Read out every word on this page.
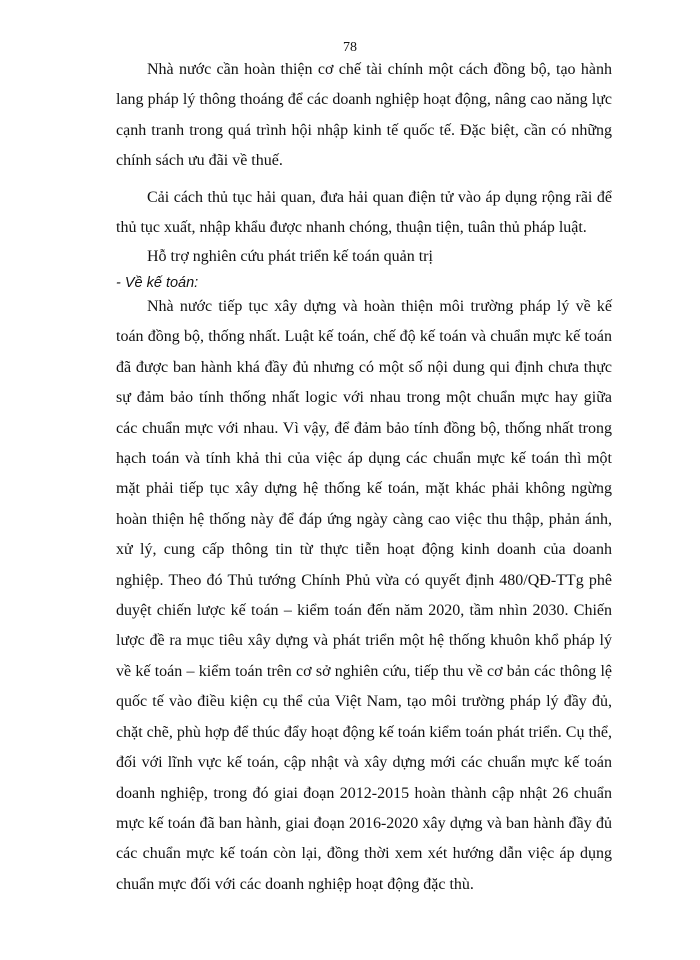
78

Nhà nước cần hoàn thiện cơ chế tài chính một cách đồng bộ, tạo hành lang pháp lý thông thoáng để các doanh nghiệp hoạt động, nâng cao năng lực cạnh tranh trong quá trình hội nhập kinh tế quốc tế. Đặc biệt, cần có những chính sách ưu đãi về thuế.

Cải cách thủ tục hải quan, đưa hải quan điện tử vào áp dụng rộng rãi để thủ tục xuất, nhập khẩu được nhanh chóng, thuận tiện, tuân thủ pháp luật.

Hỗ trợ nghiên cứu phát triển kế toán quản trị

- Về kế toán:

Nhà nước tiếp tục xây dựng và hoàn thiện môi trường pháp lý về kế toán đồng bộ, thống nhất. Luật kế toán, chế độ kế toán và chuẩn mực kế toán đã được ban hành khá đầy đủ nhưng có một số nội dung qui định chưa thực sự đảm bảo tính thống nhất logic với nhau trong một chuẩn mực hay giữa các chuẩn mực với nhau. Vì vậy, để đảm bảo tính đồng bộ, thống nhất trong hạch toán và tính khả thi của việc áp dụng các chuẩn mực kế toán thì một mặt phải tiếp tục xây dựng hệ thống kế toán, mặt khác phải không ngừng hoàn thiện hệ thống này để đáp ứng ngày càng cao việc thu thập, phản ánh, xử lý, cung cấp thông tin từ thực tiễn hoạt động kinh doanh của doanh nghiệp. Theo đó Thủ tướng Chính Phủ vừa có quyết định 480/QĐ-TTg phê duyệt chiến lược kế toán – kiểm toán đến năm 2020, tầm nhìn 2030. Chiến lược đề ra mục tiêu xây dựng và phát triển một hệ thống khuôn khổ pháp lý về kế toán – kiểm toán trên cơ sở nghiên cứu, tiếp thu về cơ bản các thông lệ quốc tế vào điều kiện cụ thể của Việt Nam, tạo môi trường pháp lý đầy đủ, chặt chẽ, phù hợp để thúc đẩy hoạt động kế toán kiểm toán phát triển. Cụ thể, đối với lĩnh vực kế toán, cập nhật và xây dựng mới các chuẩn mực kế toán doanh nghiệp, trong đó giai đoạn 2012-2015 hoàn thành cập nhật 26 chuẩn mực kế toán đã ban hành, giai đoạn 2016-2020 xây dựng và ban hành đầy đủ các chuẩn mực kế toán còn lại, đồng thời xem xét hướng dẫn việc áp dụng chuẩn mực đối với các doanh nghiệp hoạt động đặc thù.
